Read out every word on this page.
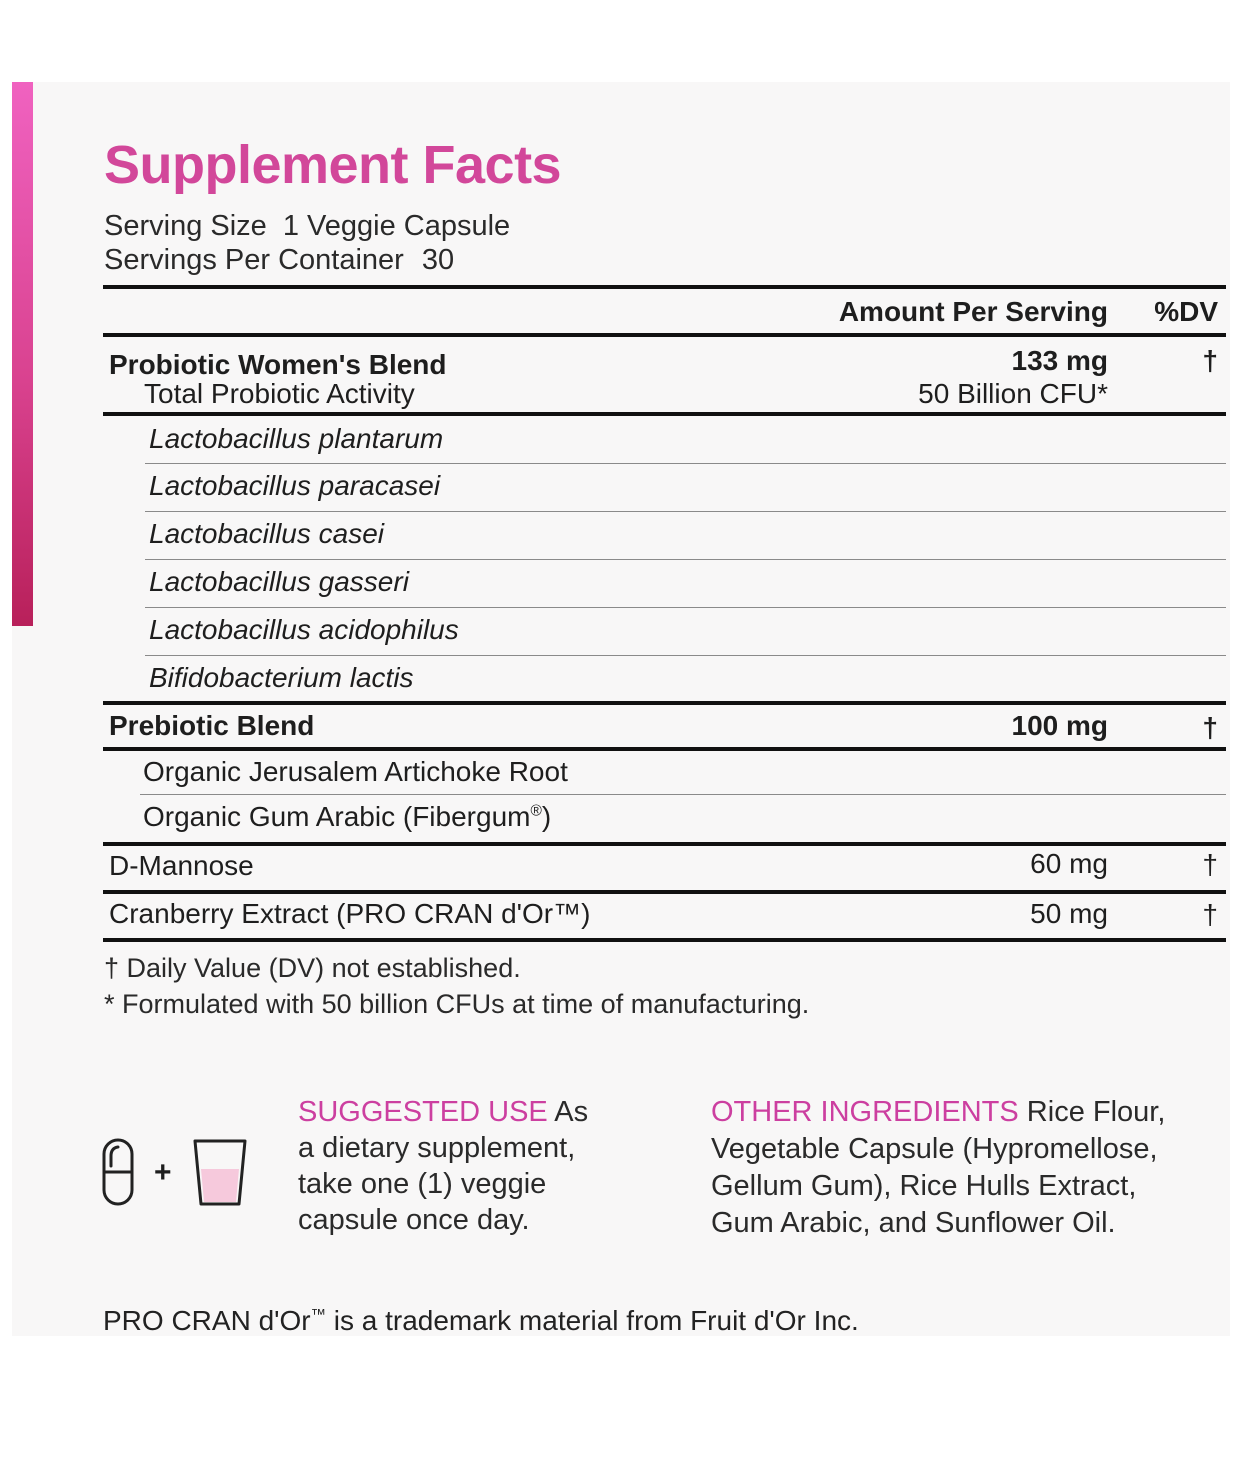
Supplement Facts
Serving Size 1 Veggie Capsule
Servings Per Container 30
Amount Per Serving %DV
Probiotic Women's Blend	133 mg	†
Total Probiotic Activity	50 Billion CFU*
Lactobacillus plantarum
Lactobacillus paracasei
Lactobacillus casei
Lactobacillus gasseri
Lactobacillus acidophilus
Bifidobacterium lactis
Prebiotic Blend	100 mg	†
Organic Jerusalem Artichoke Root
Organic Gum Arabic (Fibergum®)
D-Mannose	60 mg	†
Cranberry Extract (PRO CRAN d'Or™)	50 mg	†
† Daily Value (DV) not established.
* Formulated with 50 billion CFUs at time of manufacturing.
+
SUGGESTED USE As
a dietary supplement,
take one (1) veggie
capsule once day.
OTHER INGREDIENTS Rice Flour,
Vegetable Capsule (Hypromellose,
Gellum Gum), Rice Hulls Extract,
Gum Arabic, and Sunflower Oil.
PRO CRAN d'Or™ is a trademark material from Fruit d'Or Inc.
